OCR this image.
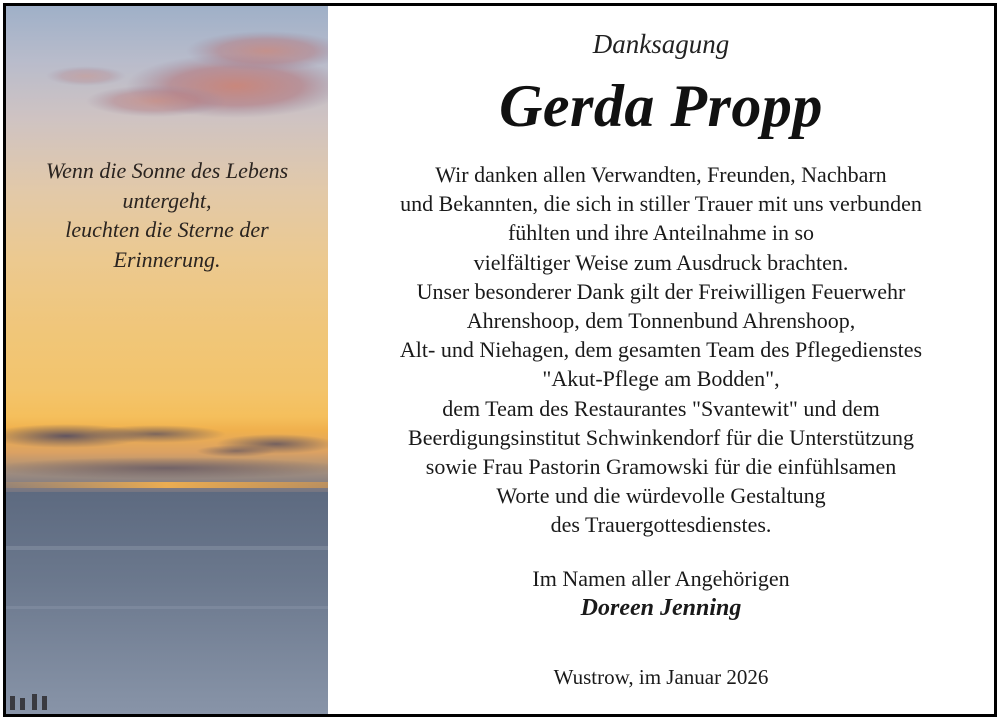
Wenn die Sonne des Lebens
untergeht,
leuchten die Sterne der
Erinnerung.
Danksagung
Gerda Propp
Wir danken allen Verwandten, Freunden, Nachbarn
und Bekannten, die sich in stiller Trauer mit uns verbunden
fühlten und ihre Anteilnahme in so
vielfältiger Weise zum Ausdruck brachten.
Unser besonderer Dank gilt der Freiwilligen Feuerwehr
Ahrenshoop, dem Tonnenbund Ahrenshoop,
Alt- und Niehagen, dem gesamten Team des Pflegedienstes
"Akut-Pflege am Bodden",
dem Team des Restaurantes "Svantewit" und dem
Beerdigungsinstitut Schwinkendorf für die Unterstützung
sowie Frau Pastorin Gramowski für die einfühlsamen
Worte und die würdevolle Gestaltung
des Trauergottesdienstes.
Im Namen aller Angehörigen
Doreen Jenning
Wustrow, im Januar 2026
